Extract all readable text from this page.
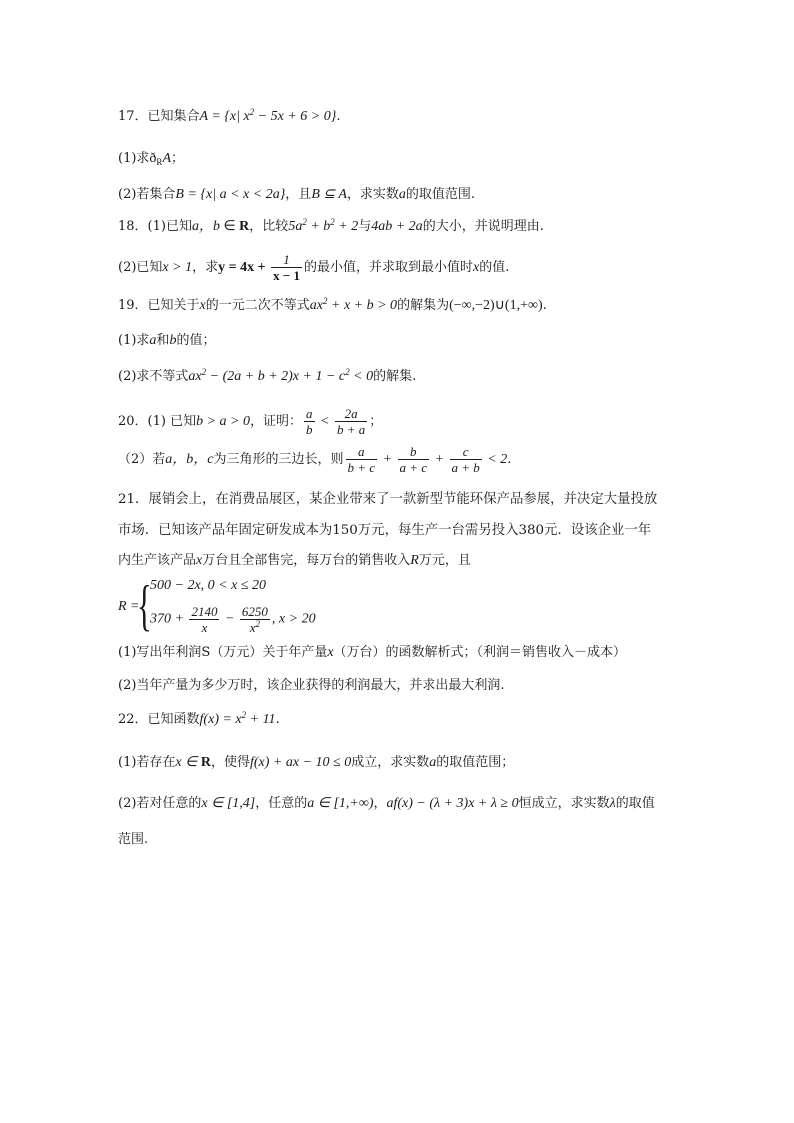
17．已知集合A = {x| $x^2 - 5x + 6 > 0$}.
(1)求$ð_RA$；
(2)若集合B = {x| a < x < 2a}，且B ⊆ A，求实数a的取值范围.
18．(1)已知a，b ∈ R，比较$5a^2 + b^2 + 2$与4ab + 2a的大小，并说明理由.
(2)已知x > 1，求$y = 4x + \frac{1}{x - 1}$ 的最小值，并求取到最小值时x的值.
19．已知关于x的一元二次不等式$ax^2 + x + b > 0$的解集为(−∞,−2)∪(1,+∞).
(1)求a和b的值；
(2)求不等式$ax^2 - (2a + b + 2)x + 1 - c^2 < 0$的解集.
20．(1) 已知b > a > 0，证明： $\frac{a}{b} < \frac{2a}{b + a}$ ；
（2）若a，b，c为三角形的三边长，则 $\frac{a}{b + c} + \frac{b}{a + c} + \frac{c}{a + b} < 2$.
21．展销会上，在消费品展区，某企业带来了一款新型节能环保产品参展，并决定大量投放
市场．已知该产品年固定研发成本为150万元，每生产一台需另投入380元．设该企业一年
内生产该产品x万台且全部售完，每万台的销售收入R万元，且
R =
{
500 − 2x, 0 < x ≤ 20
$370 + \frac{2140}{x} - \frac{6250}{x^2}$ , x > 20
(1)写出年利润S（万元）关于年产量x（万台）的函数解析式；（利润＝销售收入－成本）
(2)当年产量为多少万时，该企业获得的利润最大，并求出最大利润.
22．已知函数$f(x) = x^2 + 11$.
(1)若存在x ∈ R，使得f(x) + ax − 10 ≤ 0成立，求实数a的取值范围；
(2)若对任意的x ∈ [1,4]，任意的a ∈ [1,+∞)，af(x) − (λ + 3)x + λ ≥ 0恒成立，求实数λ的取值
范围.
